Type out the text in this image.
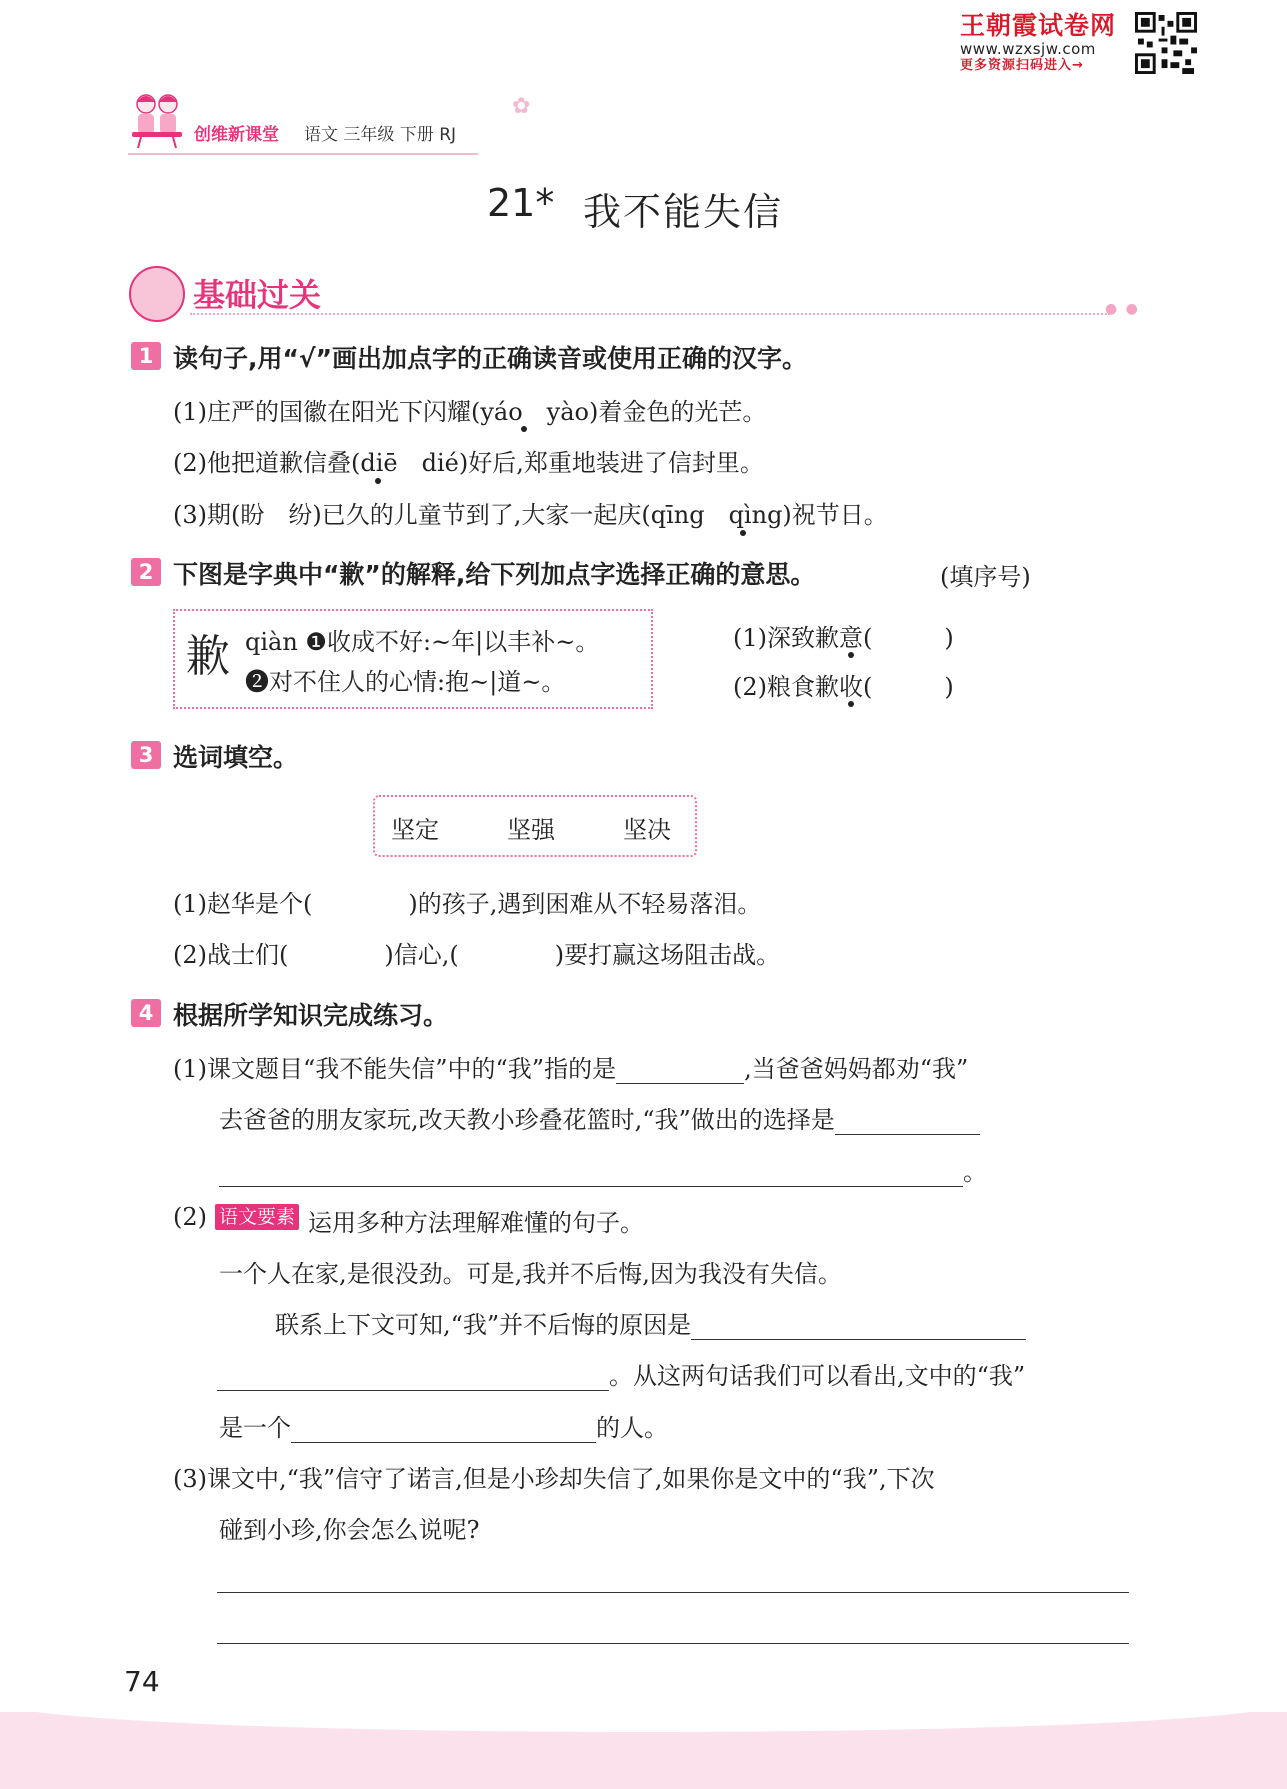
王朝霞试卷网
www.wzxsjw.com
更多资源扫码进入→
创维新课堂 语文 三年级 下册 RJ
✿
21* 我不能失信
基础过关	● ●
1 读句子,用“√”画出加点字的正确读音或使用正确的汉字。
(1)庄严的国徽在阳光下闪耀(yáo　yào)着金色的光芒。
(2)他把道歉信叠(diē　dié)好后,郑重地装进了信封里。
(3)期(盼　纷)已久的儿童节到了,大家一起庆(qīng　qìng)祝节日。
2 下图是字典中“歉”的解释,给下列加点字选择正确的意思。	(填序号)
歉 qiàn ❶收成不好:~年|以丰补~。
❷对不住人的心情:抱~|道~。
(1)深致歉意(　　　)
(2)粮食歉收(　　　)
3 选词填空。
坚定	坚强	坚决
(1)赵华是个(	)的孩子,遇到困难从不轻易落泪。
(2)战士们(	)信心,(	)要打赢这场阻击战。
4 根据所学知识完成练习。
(1)课文题目“我不能失信”中的“我”指的是	,当爸爸妈妈都劝“我”
去爸爸的朋友家玩,改天教小珍叠花篮时,“我”做出的选择是
。
(2) 语文要素 运用多种方法理解难懂的句子。
一个人在家,是很没劲。可是,我并不后悔,因为我没有失信。
联系上下文可知,“我”并不后悔的原因是
。从这两句话我们可以看出,文中的“我”
是一个	的人。
(3)课文中,“我”信守了诺言,但是小珍却失信了,如果你是文中的“我”,下次
碰到小珍,你会怎么说呢?
74
